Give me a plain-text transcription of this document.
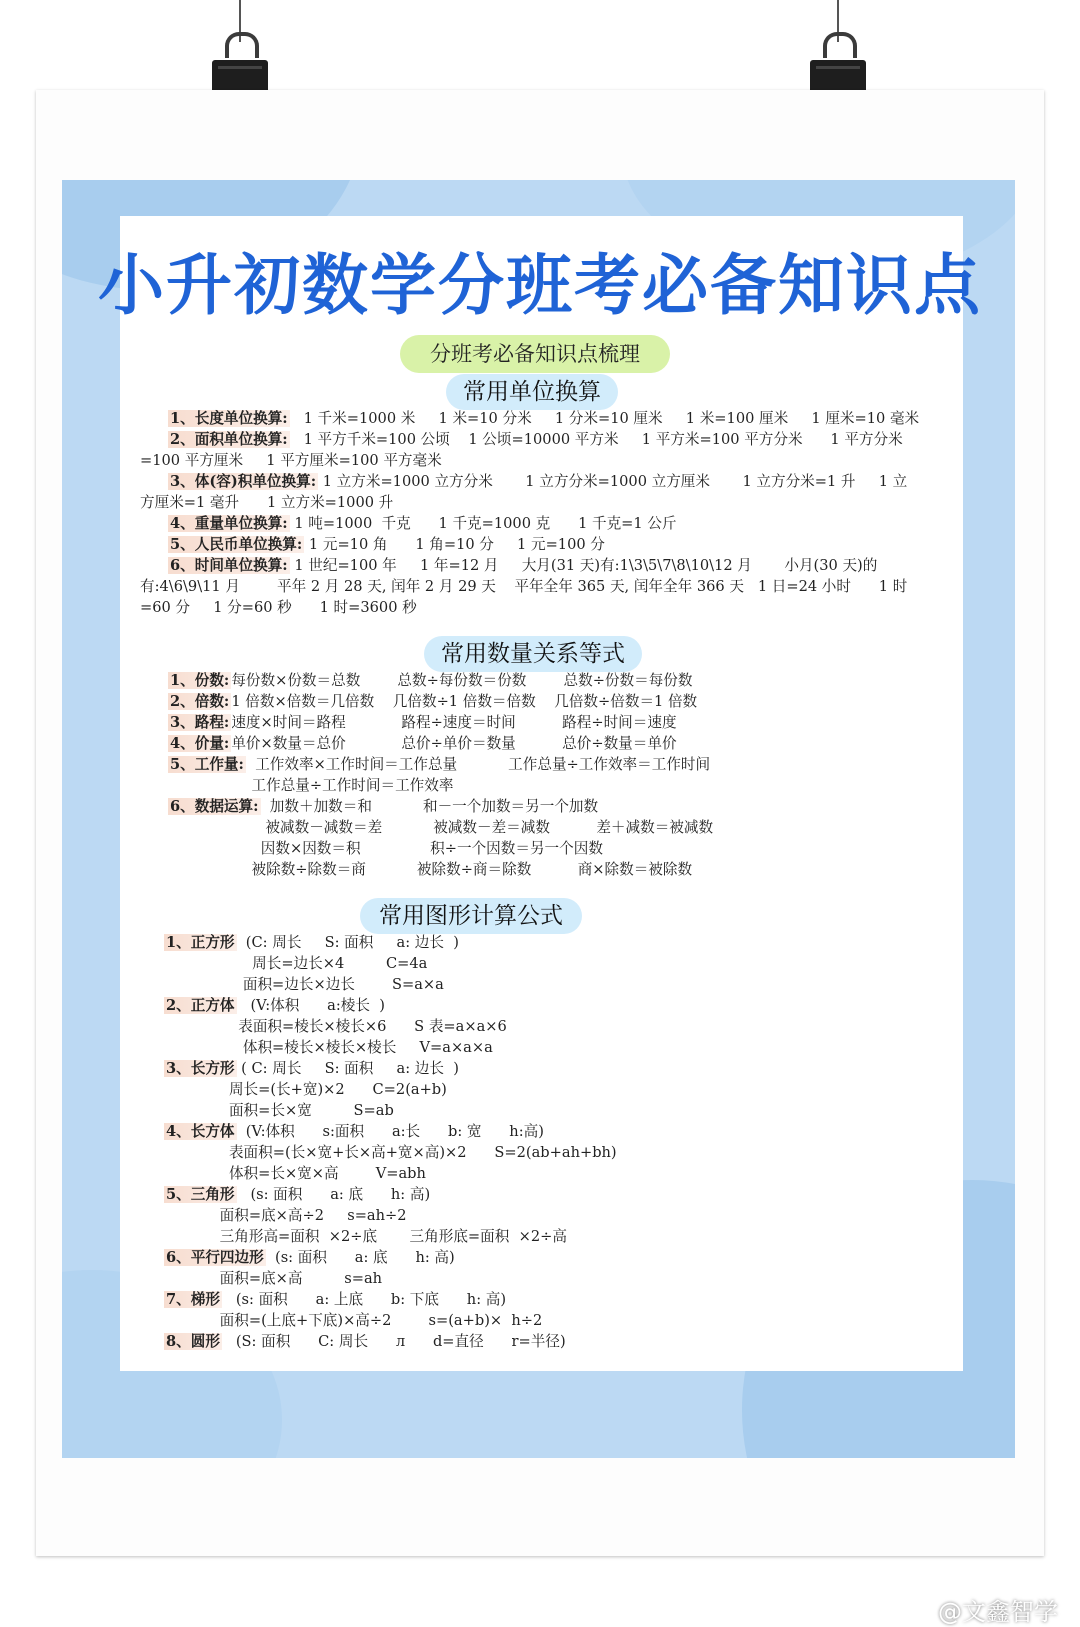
小升初数学分班考必备知识点
分班考必备知识点梳理
常用单位换算
1、长度单位换算:   1 千米=1000 米     1 米=10 分米     1 分米=10 厘米     1 米=100 厘米     1 厘米=10 毫米
2、面积单位换算:   1 平方千米=100 公顷    1 公顷=10000 平方米     1 平方米=100 平方分米      1 平方分米
=100 平方厘米     1 平方厘米=100 平方毫米
3、体(容)积单位换算: 1 立方米=1000 立方分米       1 立方分米=1000 立方厘米       1 立方分米=1 升     1 立
方厘米=1 毫升      1 立方米=1000 升
4、重量单位换算: 1 吨=1000  千克      1 千克=1000 克      1 千克=1 公斤
5、人民币单位换算: 1 元=10 角      1 角=10 分     1 元=100 分
6、时间单位换算: 1 世纪=100 年     1 年=12 月     大月(31 天)有:1\3\5\7\8\10\12 月       小月(30 天)的
有:4\6\9\11 月        平年 2 月 28 天, 闰年 2 月 29 天    平年全年 365 天, 闰年全年 366 天   1 日=24 小时      1 时
=60 分     1 分=60 秒      1 时=3600 秒
常用数量关系等式
1、份数: 每份数×份数＝总数        总数÷每份数＝份数        总数÷份数＝每份数
2、倍数: 1 倍数×倍数＝几倍数    几倍数÷1 倍数＝倍数    几倍数÷倍数＝1 倍数
3、路程: 速度×时间＝路程            路程÷速度＝时间          路程÷时间＝速度
4、价量: 单价×数量＝总价            总价÷单价＝数量          总价÷数量＝单价
5、工作量:  工作效率×工作时间＝工作总量           工作总量÷工作效率＝工作时间
工作总量÷工作时间＝工作效率
6、数据运算:  加数＋加数＝和           和－一个加数＝另一个加数
被减数－减数＝差           被减数－差＝减数          差＋减数＝被减数
因数×因数＝积               积÷一个因数＝另一个因数
被除数÷除数＝商           被除数÷商＝除数          商×除数＝被除数
常用图形计算公式
1、正方形  (C: 周长     S: 面积     a: 边长  )
周长=边长×4         C=4a
面积=边长×边长        S=a×a
2、正方体   (V:体积      a:棱长  )
表面积=棱长×棱长×6      S 表=a×a×6
体积=棱长×棱长×棱长     V=a×a×a
3、长方形 ( C: 周长     S: 面积     a: 边长  )
周长=(长+宽)×2      C=2(a+b)
面积=长×宽         S=ab
4、长方体  (V:体积      s:面积      a:长      b: 宽      h:高)
表面积=(长×宽+长×高+宽×高)×2      S=2(ab+ah+bh)
体积=长×宽×高        V=abh
5、三角形   (s: 面积      a: 底      h: 高)
面积=底×高÷2     s=ah÷2
三角形高=面积  ×2÷底       三角形底=面积  ×2÷高
6、平行四边形  (s: 面积      a: 底      h: 高)
面积=底×高         s=ah
7、梯形   (s: 面积      a: 上底      b: 下底      h: 高)
面积=(上底+下底)×高÷2        s=(a+b)×  h÷2
8、圆形   (S: 面积      C: 周长      л      d=直径      r=半径)
@文鑫智学
